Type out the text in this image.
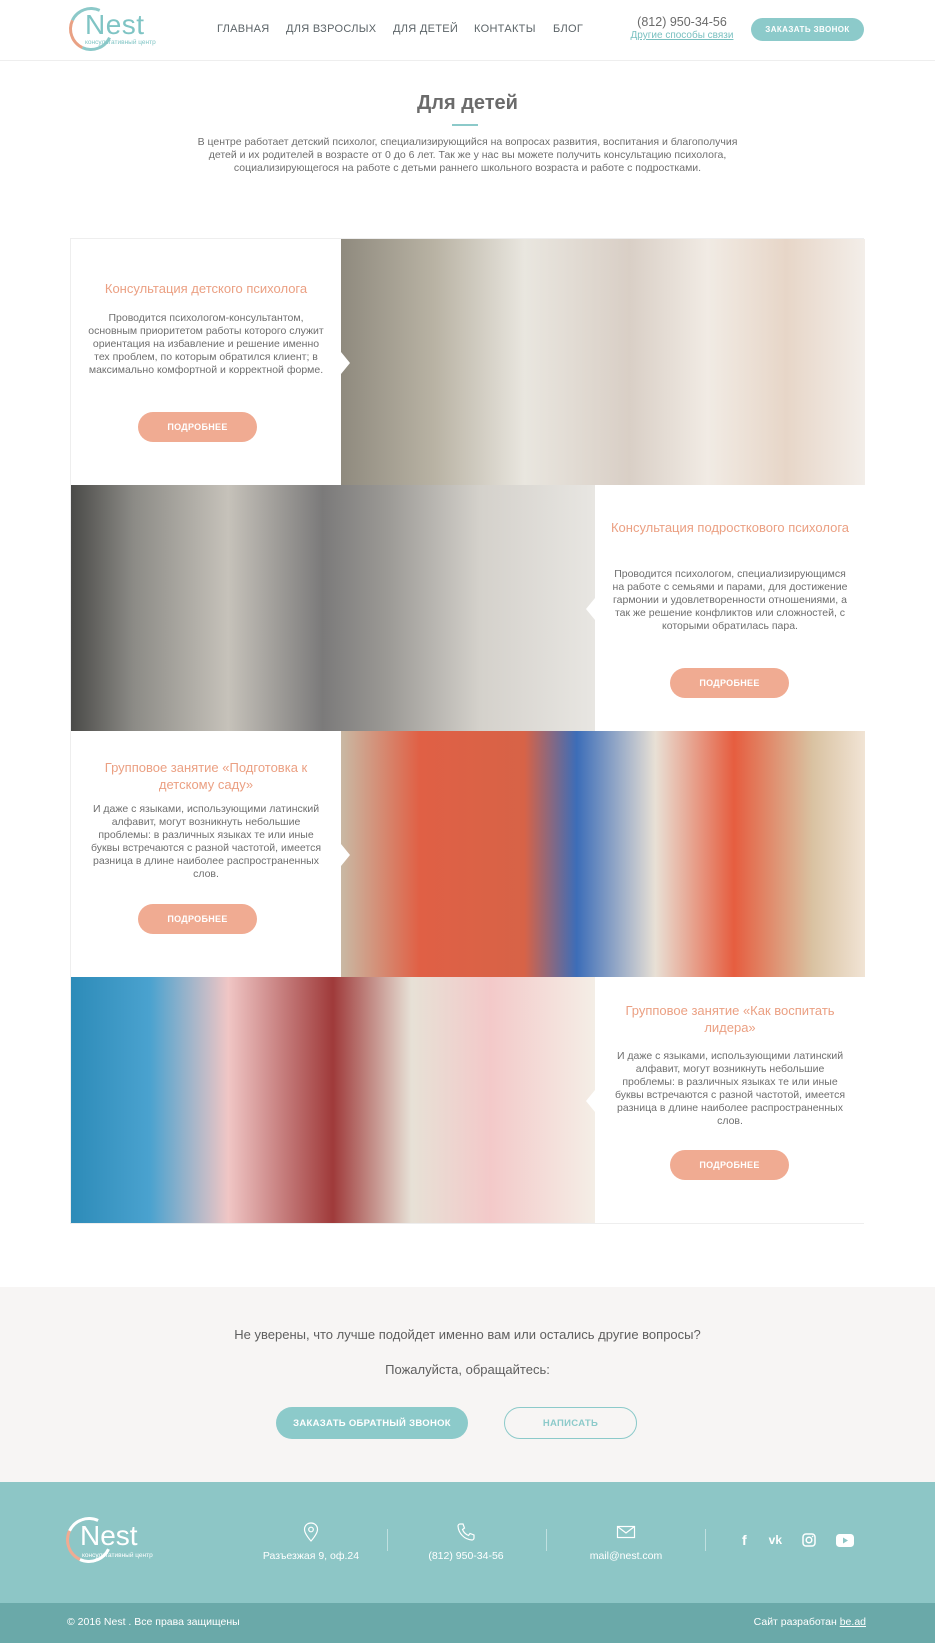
Nest
консультативный центр
ГЛАВНАЯ ДЛЯ ВЗРОСЛЫХ ДЛЯ ДЕТЕЙ КОНТАКТЫ БЛОГ	(812) 950-34-56
Другие способы связи
ЗАКАЗАТЬ ЗВОНОК
Для детей

В центре работает детский психолог, специализирующийся на вопросах развития, воспитания и благополучия детей и их родителей в возрасте от 0 до 6 лет. Так же у нас вы можете получить консультацию психолога, социализирующегося на работе с детьми раннего школьного возраста и работе с подростками.

Консультация детского психолога
Проводится психологом-консультантом, основным приоритетом работы которого служит ориентация на избавление и решение именно тех проблем, по которым обратился клиент; в максимально комфортной и корректной форме.
ПОДРОБНЕЕ
Консультация подросткового психолога
Проводится психологом, специализирующимся на работе с семьями и парами, для достижение гармонии и удовлетворенности отношениями, а так же решение конфликтов или сложностей, с которыми обратилась пара.
ПОДРОБНЕЕ
Групповое занятие «Подготовка к детскому саду»
И даже с языками, использующими латинский алфавит, могут возникнуть небольшие проблемы: в различных языках те или иные буквы встречаются с разной частотой, имеется разница в длине наиболее распространенных слов.
ПОДРОБНЕЕ
Групповое занятие «Как воспитать лидера»
И даже с языками, использующими латинский алфавит, могут возникнуть небольшие проблемы: в различных языках те или иные буквы встречаются с разной частотой, имеется разница в длине наиболее распространенных слов.
ПОДРОБНЕЕ

Не уверены, что лучше подойдет именно вам или остались другие вопросы?

Пожалуйста, обращайтесь:

ЗАКАЗАТЬ ОБРАТНЫЙ ЗВОНОК	НАПИСАТЬ
Nest
консультативный центр	Разъезжая 9, оф.24	(812) 950-34-56	mail@nest.com
f vk
© 2016 Nest . Все права защищены	Сайт разработан be.ad
